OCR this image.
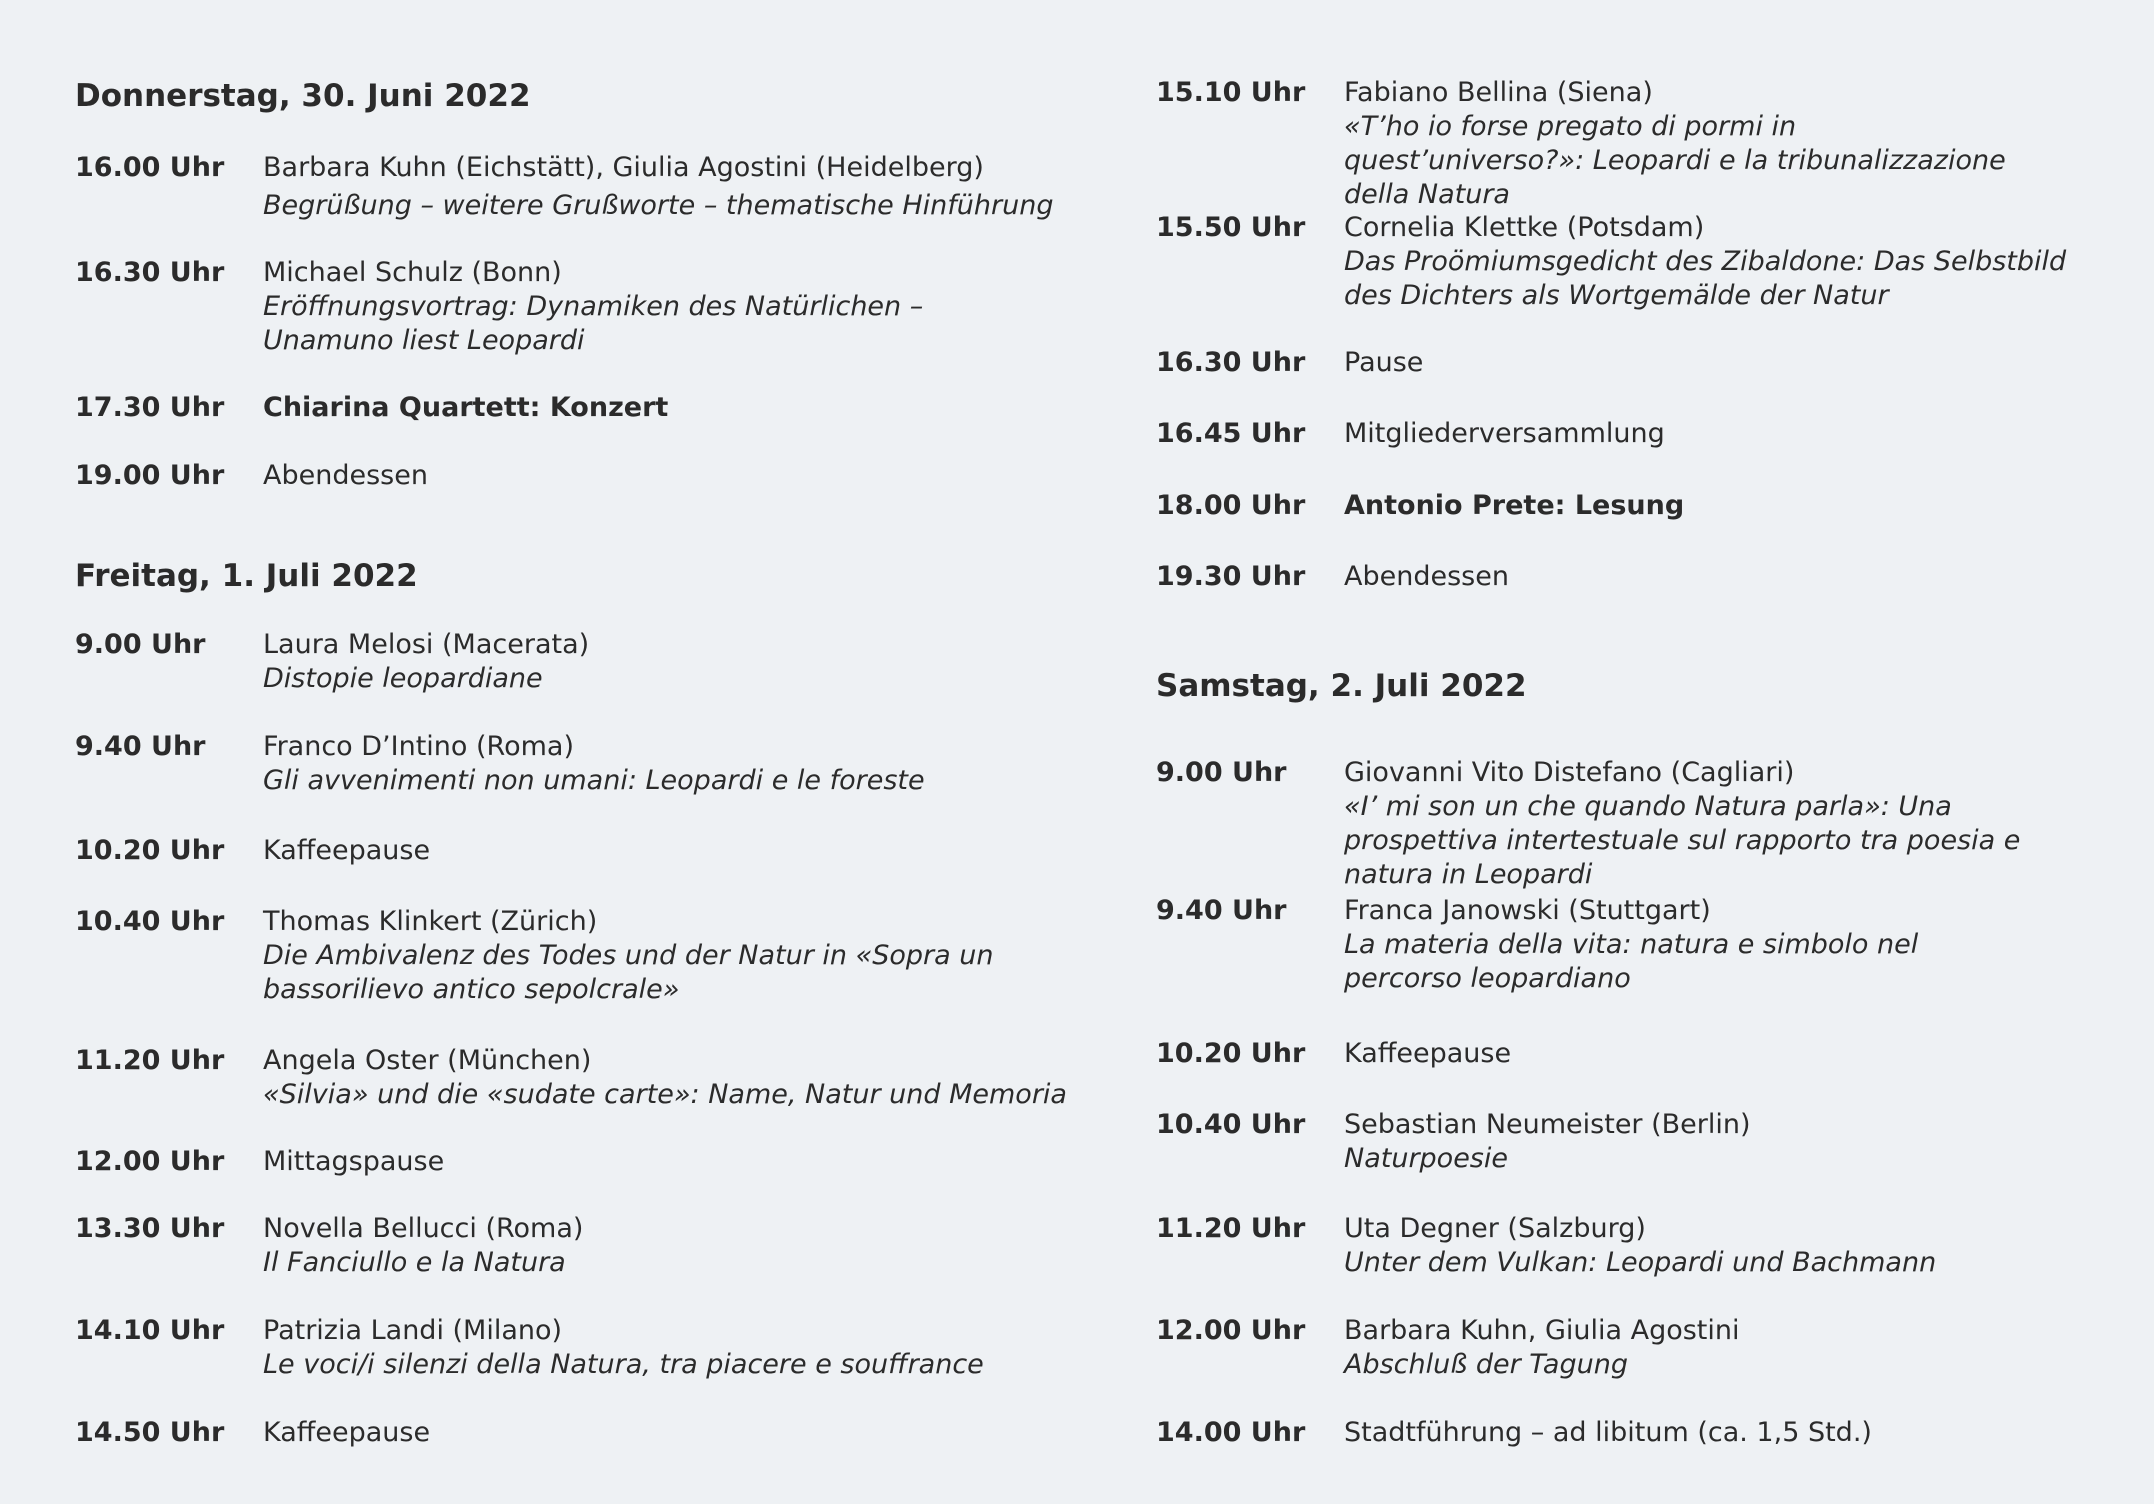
Donnerstag, 30. Juni 2022
16.00 Uhr Barbara Kuhn (Eichstätt), Giulia Agostini (Heidelberg)
Begrüßung – weitere Grußworte – thematische Hinführung
16.30 Uhr Michael Schulz (Bonn)
Eröffnungsvortrag: Dynamiken des Natürlichen – Unamuno liest Leopardi
17.30 Uhr Chiarina Quartett: Konzert
19.00 Uhr Abendessen
Freitag, 1. Juli 2022
9.00 Uhr Laura Melosi (Macerata)
Distopie leopardiane
9.40 Uhr Franco D’Intino (Roma)
Gli avvenimenti non umani: Leopardi e le foreste
10.20 Uhr Kaffeepause
10.40 Uhr Thomas Klinkert (Zürich)
Die Ambivalenz des Todes und der Natur in «Sopra un bassorilievo antico sepolcrale»
11.20 Uhr Angela Oster (München)
«Silvia» und die «sudate carte»: Name, Natur und Memoria
12.00 Uhr Mittagspause
13.30 Uhr Novella Bellucci (Roma)
Il Fanciullo e la Natura
14.10 Uhr Patrizia Landi (Milano)
Le voci/i silenzi della Natura, tra piacere e souffrance
14.50 Uhr Kaffeepause
15.10 Uhr Fabiano Bellina (Siena)
«T’ho io forse pregato di pormi in quest’universo?»: Leopardi e la tribunalizzazione della Natura
15.50 Uhr Cornelia Klettke (Potsdam)
Das Proömiumsgedicht des Zibaldone: Das Selbstbild des Dichters als Wortgemälde der Natur
16.30 Uhr Pause
16.45 Uhr Mitgliederversammlung
18.00 Uhr Antonio Prete: Lesung
19.30 Uhr Abendessen
Samstag, 2. Juli 2022
9.00 Uhr Giovanni Vito Distefano (Cagliari)
«I’ mi son un che quando Natura parla»: Una prospettiva intertestuale sul rapporto tra poesia e natura in Leopardi
9.40 Uhr Franca Janowski (Stuttgart)
La materia della vita: natura e simbolo nel percorso leopardiano
10.20 Uhr Kaffeepause
10.40 Uhr Sebastian Neumeister (Berlin)
Naturpoesie
11.20 Uhr Uta Degner (Salzburg)
Unter dem Vulkan: Leopardi und Bachmann
12.00 Uhr Barbara Kuhn, Giulia Agostini
Abschluß der Tagung
14.00 Uhr Stadtführung – ad libitum (ca. 1,5 Std.)
